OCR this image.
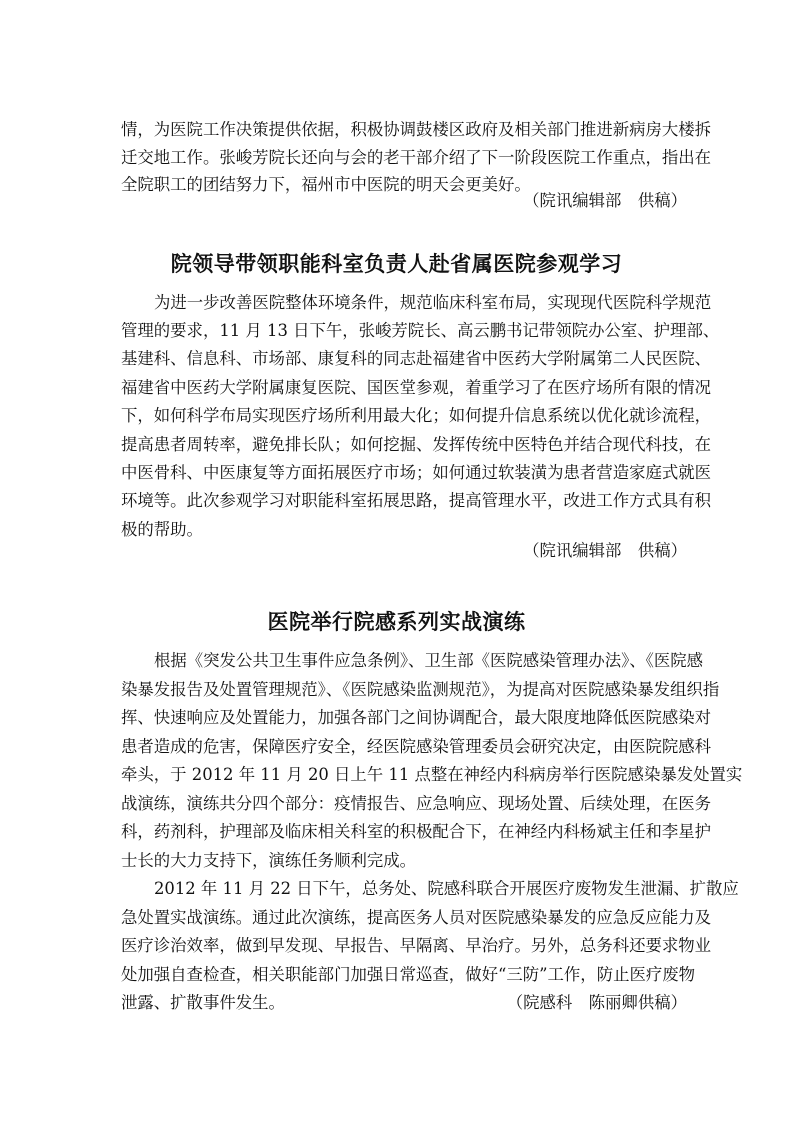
情，为医院工作决策提供依据，积极协调鼓楼区政府及相关部门推进新病房大楼拆
迁交地工作。张峻芳院长还向与会的老干部介绍了下一阶段医院工作重点，指出在
全院职工的团结努力下，福州市中医院的明天会更美好。
（院讯编辑部　供稿）
院领导带领职能科室负责人赴省属医院参观学习
为进一步改善医院整体环境条件，规范临床科室布局，实现现代医院科学规范
管理的要求，11 月 13 日下午，张峻芳院长、高云鹏书记带领院办公室、护理部、
基建科、信息科、市场部、康复科的同志赴福建省中医药大学附属第二人民医院、
福建省中医药大学附属康复医院、国医堂参观，着重学习了在医疗场所有限的情况
下，如何科学布局实现医疗场所利用最大化；如何提升信息系统以优化就诊流程，
提高患者周转率，避免排长队；如何挖掘、发挥传统中医特色并结合现代科技，在
中医骨科、中医康复等方面拓展医疗市场；如何通过软装潢为患者营造家庭式就医
环境等。此次参观学习对职能科室拓展思路，提高管理水平，改进工作方式具有积
极的帮助。
（院讯编辑部　供稿）
医院举行院感系列实战演练
根据《突发公共卫生事件应急条例》、卫生部《医院感染管理办法》、《医院感
染暴发报告及处置管理规范》、《医院感染监测规范》，为提高对医院感染暴发组织指
挥、快速响应及处置能力，加强各部门之间协调配合，最大限度地降低医院感染对
患者造成的危害，保障医疗安全，经医院感染管理委员会研究决定，由医院院感科
牵头，于 2012 年 11 月 20 日上午 11 点整在神经内科病房举行医院感染暴发处置实
战演练，演练共分四个部分：疫情报告、应急响应、现场处置、后续处理，在医务
科，药剂科，护理部及临床相关科室的积极配合下，在神经内科杨斌主任和李星护
士长的大力支持下，演练任务顺利完成。
2012 年 11 月 22 日下午，总务处、院感科联合开展医疗废物发生泄漏、扩散应
急处置实战演练。通过此次演练，提高医务人员对医院感染暴发的应急反应能力及
医疗诊治效率，做到早发现、早报告、早隔离、早治疗。另外，总务科还要求物业
处加强自查检查，相关职能部门加强日常巡查，做好“三防”工作，防止医疗废物
泄露、扩散事件发生。	（院感科　陈丽卿供稿）
